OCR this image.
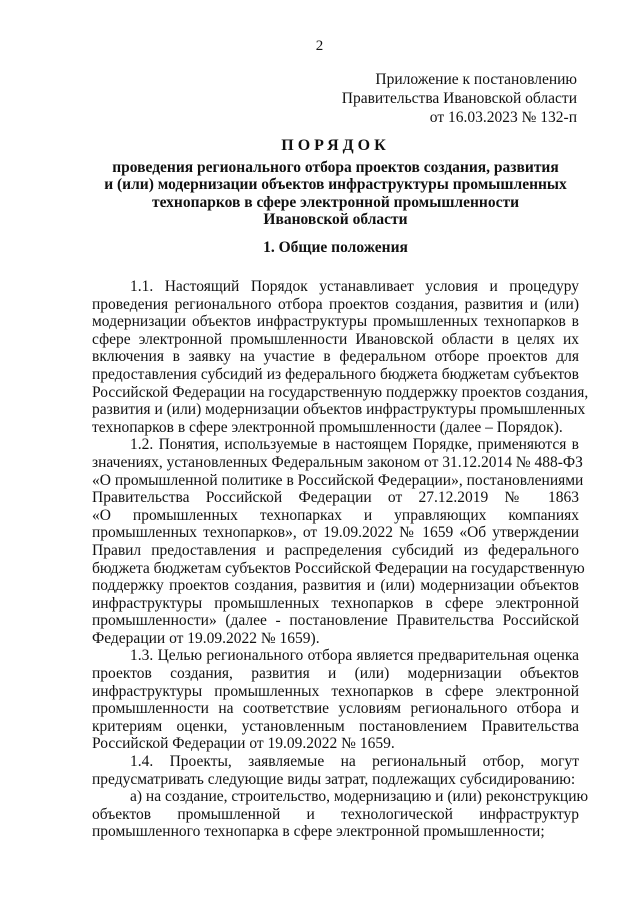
2
Приложение к постановлению
Правительства Ивановской области
от 16.03.2023 № 132-п
ПОРЯДОК
проведения регионального отбора проектов создания, развития
и (или) модернизации объектов инфраструктуры промышленных
технопарков в сфере электронной промышленности
Ивановской области
1. Общие положения
1.1. Настоящий Порядок устанавливает условия и процедуру
проведения регионального отбора проектов создания, развития и (или)
модернизации объектов инфраструктуры промышленных технопарков в
сфере электронной промышленности Ивановской области в целях их
включения в заявку на участие в федеральном отборе проектов для
предоставления субсидий из федерального бюджета бюджетам субъектов
Российской Федерации на государственную поддержку проектов создания,
развития и (или) модернизации объектов инфраструктуры промышленных
технопарков в сфере электронной промышленности (далее – Порядок).
1.2. Понятия, используемые в настоящем Порядке, применяются в
значениях, установленных Федеральным законом от 31.12.2014 № 488-ФЗ
«О промышленной политике в Российской Федерации», постановлениями
Правительства Российской Федерации от 27.12.2019 № 1863
«О промышленных технопарках и управляющих компаниях
промышленных технопарков», от 19.09.2022 № 1659 «Об утверждении
Правил предоставления и распределения субсидий из федерального
бюджета бюджетам субъектов Российской Федерации на государственную
поддержку проектов создания, развития и (или) модернизации объектов
инфраструктуры промышленных технопарков в сфере электронной
промышленности» (далее - постановление Правительства Российской
Федерации от 19.09.2022 № 1659).
1.3. Целью регионального отбора является предварительная оценка
проектов создания, развития и (или) модернизации объектов
инфраструктуры промышленных технопарков в сфере электронной
промышленности на соответствие условиям регионального отбора и
критериям оценки, установленным постановлением Правительства
Российской Федерации от 19.09.2022 № 1659.
1.4. Проекты, заявляемые на региональный отбор, могут
предусматривать следующие виды затрат, подлежащих субсидированию:
а) на создание, строительство, модернизацию и (или) реконструкцию
объектов промышленной и технологической инфраструктур
промышленного технопарка в сфере электронной промышленности;
